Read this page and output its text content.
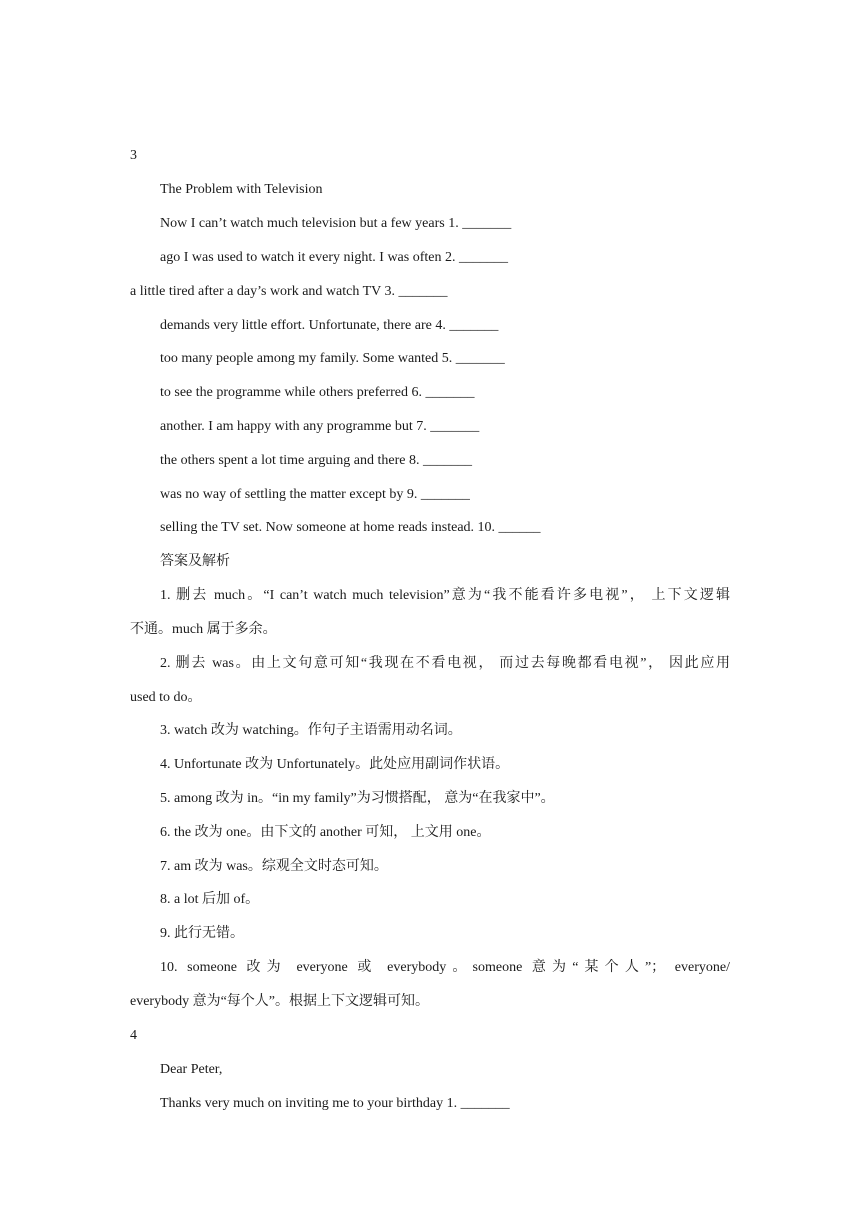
3
The Problem with Television
Now I can’t watch much television but a few years 1. _______
ago I was used to watch it every night. I was often 2. _______
a little tired after a day’s work and watch TV 3. _______
demands very little effort. Unfortunate, there are 4. _______
too many people among my family. Some wanted 5. _______
to see the programme while others preferred 6. _______
another. I am happy with any programme but 7. _______
the others spent a lot time arguing and there 8. _______
was no way of settling the matter except by 9. _______
selling the TV set. Now someone at home reads instead. 10. ______
答案及解析
1. 删去 much。“I can’t watch much television”意为“我不能看许多电视”， 上下文逻辑
不通。much 属于多余。
2. 删去 was。由上文句意可知“我现在不看电视， 而过去每晚都看电视”， 因此应用
used to do。
3. watch 改为 watching。作句子主语需用动名词。
4. Unfortunate 改为 Unfortunately。此处应用副词作状语。
5. among 改为 in。“in my family”为习惯搭配， 意为“在我家中”。
6. the 改为 one。由下文的 another 可知， 上文用 one。
7. am 改为 was。综观全文时态可知。
8. a lot 后加 of。
9. 此行无错。
10. someone 改为 everyone 或 everybody。someone 意为“某个人”； everyone/
everybody 意为“每个人”。根据上下文逻辑可知。
4
Dear Peter,
Thanks very much on inviting me to your birthday 1. _______
